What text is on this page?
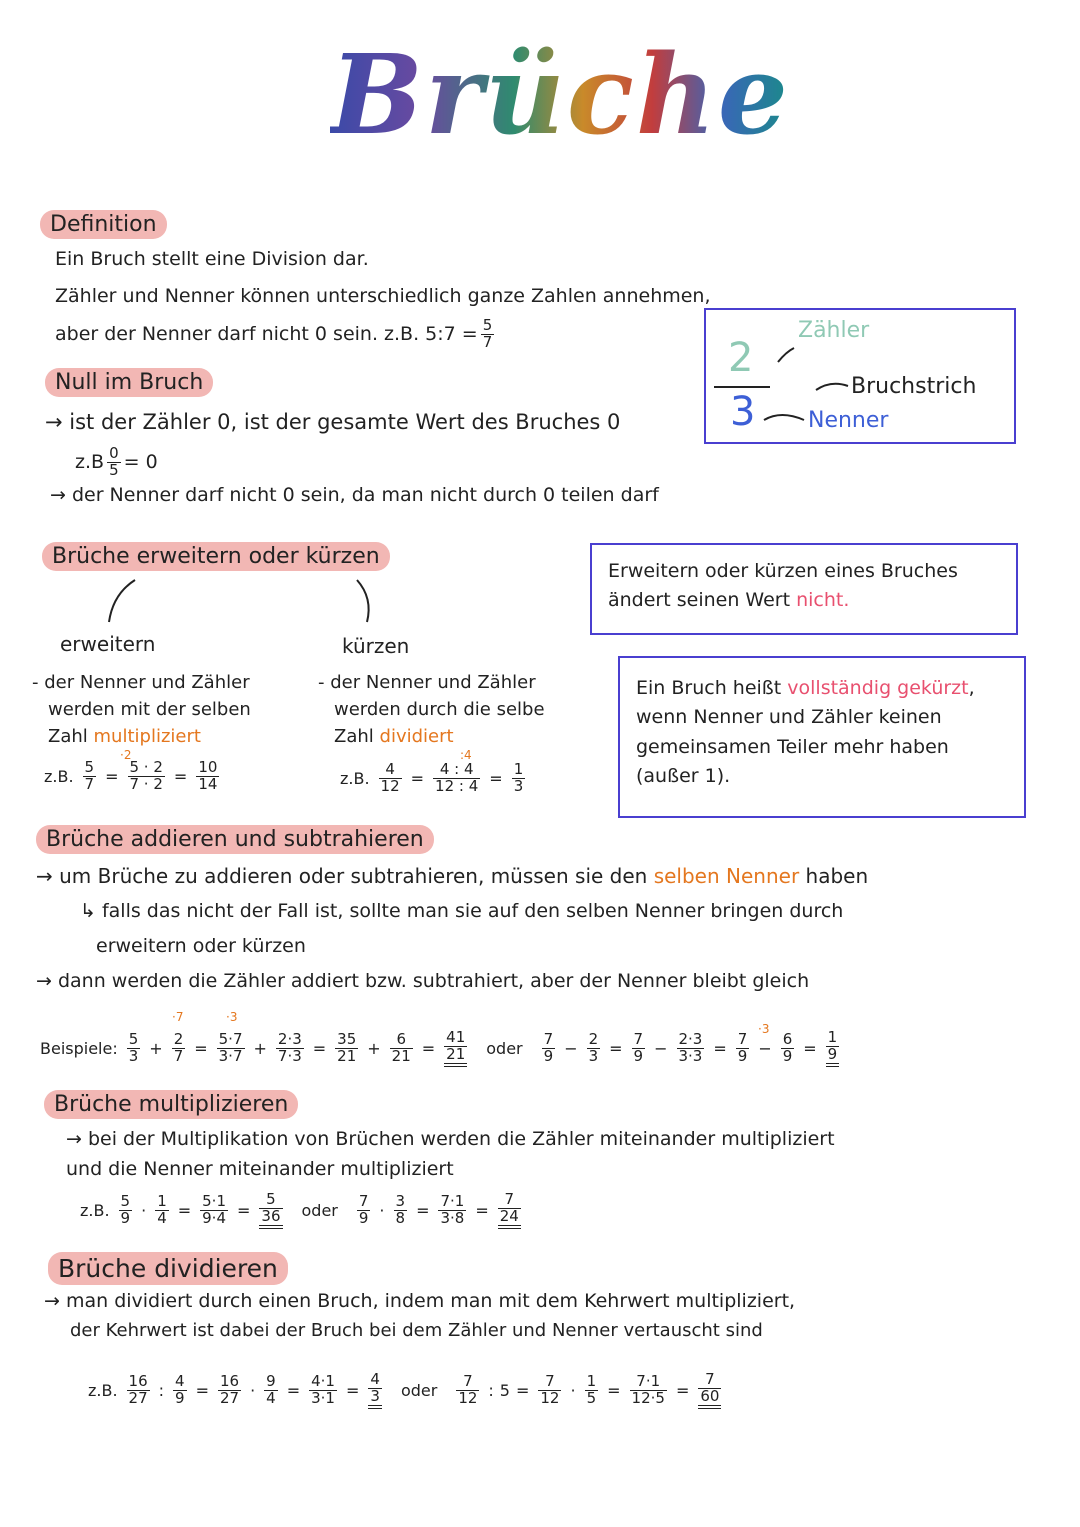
Brüche
Definition
Ein Bruch stellt eine Division dar.
Zähler und Nenner können unterschiedlich ganze Zahlen annehmen,
aber der Nenner darf nicht 0 sein. z.B. 5:7 = $\frac{5}{7}$
2
3
Zähler
Bruchstrich
Nenner
Null im Bruch
→ ist der Zähler 0, ist der gesamte Wert des Bruches 0
$z.B \frac{0}{5} = 0$
→ der Nenner darf nicht 0 sein, da man nicht durch 0 teilen darf
Brüche erweitern oder kürzen
Erweitern oder kürzen eines Bruches ändert seinen Wert nicht.
erweitern
- der Nenner und Zähler
werden mit der selben
Zahl multipliziert
·2
z.B. $\frac{5}{7} = \frac{5 \cdot 2}{7 \cdot 2} = \frac{10}{14}$
kürzen
- der Nenner und Zähler
werden durch die selbe
Zahl dividiert
:4
z.B. $\frac{4}{12} = \frac{4 : 4}{12 : 4} = \frac{1}{3}$
Ein Bruch heißt vollständig gekürzt, wenn Nenner und Zähler keinen gemeinsamen Teiler mehr haben (außer 1).
Brüche addieren und subtrahieren
→ um Brüche zu addieren oder subtrahieren, müssen sie den selben Nenner haben
↳ falls das nicht der Fall ist, sollte man sie auf den selben Nenner bringen durch
erweitern oder kürzen
→ dann werden die Zähler addiert bzw. subtrahiert, aber der Nenner bleibt gleich
·7	·3
·3
Beispiele: $\frac{5}{3} + \frac{2}{7} = \frac{5\cdot 7}{3\cdot 7} + \frac{2\cdot 3}{7\cdot 3} = \frac{35}{21} + \frac{6}{21} = \frac{41}{21}$ oder $\frac{7}{9} - \frac{2}{3} = \frac{7}{9} - \frac{2\cdot 3}{3\cdot 3} = \frac{7}{9} - \frac{6}{9} = \frac{1}{9}$
Brüche multiplizieren
→ bei der Multiplikation von Brüchen werden die Zähler miteinander multipliziert
und die Nenner miteinander multipliziert
z.B. $\frac{5}{9} \cdot \frac{1}{4} = \frac{5\cdot 1}{9\cdot 4} = \frac{5}{36}$ oder $\frac{7}{9} \cdot \frac{3}{8} = \frac{7\cdot 1}{3\cdot 8} = \frac{7}{24}$
Brüche dividieren
→ man dividiert durch einen Bruch, indem man mit dem Kehrwert multipliziert,
der Kehrwert ist dabei der Bruch bei dem Zähler und Nenner vertauscht sind
z.B. $\frac{16}{27}$ : $\frac{4}{9} = \frac{16}{27} \cdot \frac{9}{4} = \frac{4\cdot 1}{3\cdot 1} = \frac{4}{3}$ oder $\frac{7}{12}$ : $5 = \frac{7}{12} \cdot \frac{1}{5} = \frac{7\cdot 1}{12\cdot 5} = \frac{7}{60}$
